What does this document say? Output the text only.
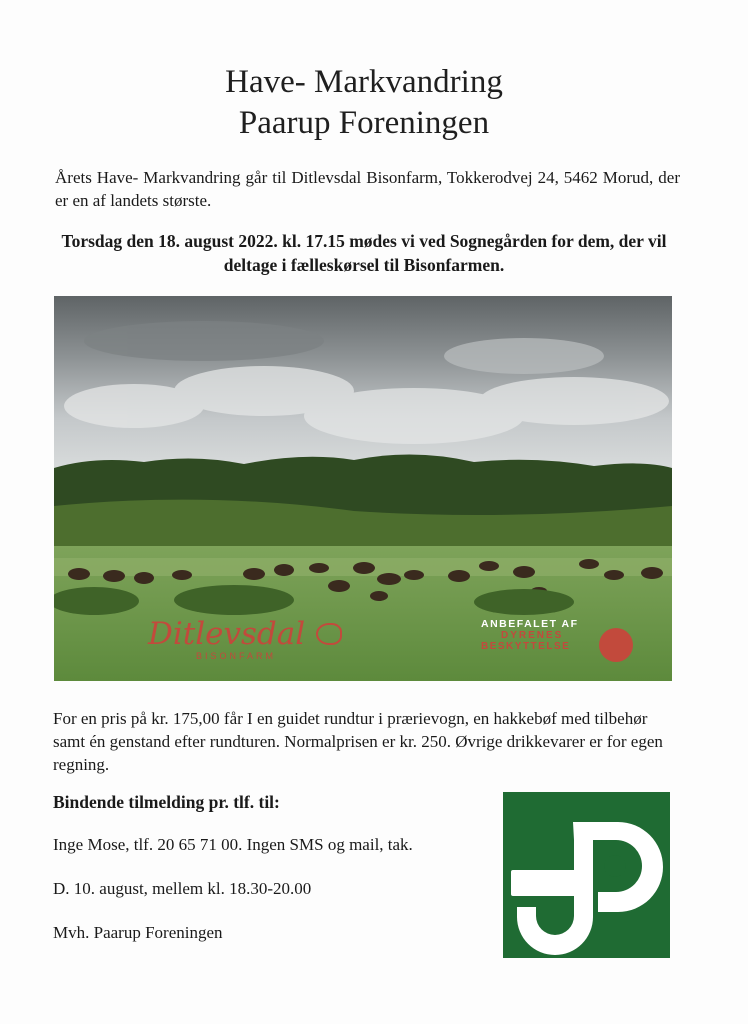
Have- Markvandring
Paarup Foreningen
Årets Have- Markvandring går til Ditlevsdal Bisonfarm, Tokkerodvej 24, 5462 Morud, der er en af landets største.
Torsdag den 18. august 2022. kl. 17.15 mødes vi ved Sognegården for dem, der vil deltage i fælleskørsel til Bisonfarmen.
Ditlevsdal
BISONFARM
ANBEFALET AF
DYRENES
BESKYTTELSE
For en pris på kr. 175,00 får I en guidet rundtur i prærievogn, en hakkebøf med tilbehør samt én genstand efter rundturen. Normalprisen er kr. 250. Øvrige drikkevarer er for egen regning.
Bindende tilmelding pr. tlf. til:
Inge Mose, tlf. 20 65 71 00. Ingen SMS og mail, tak.
D. 10. august, mellem kl. 18.30-20.00
Mvh. Paarup Foreningen
